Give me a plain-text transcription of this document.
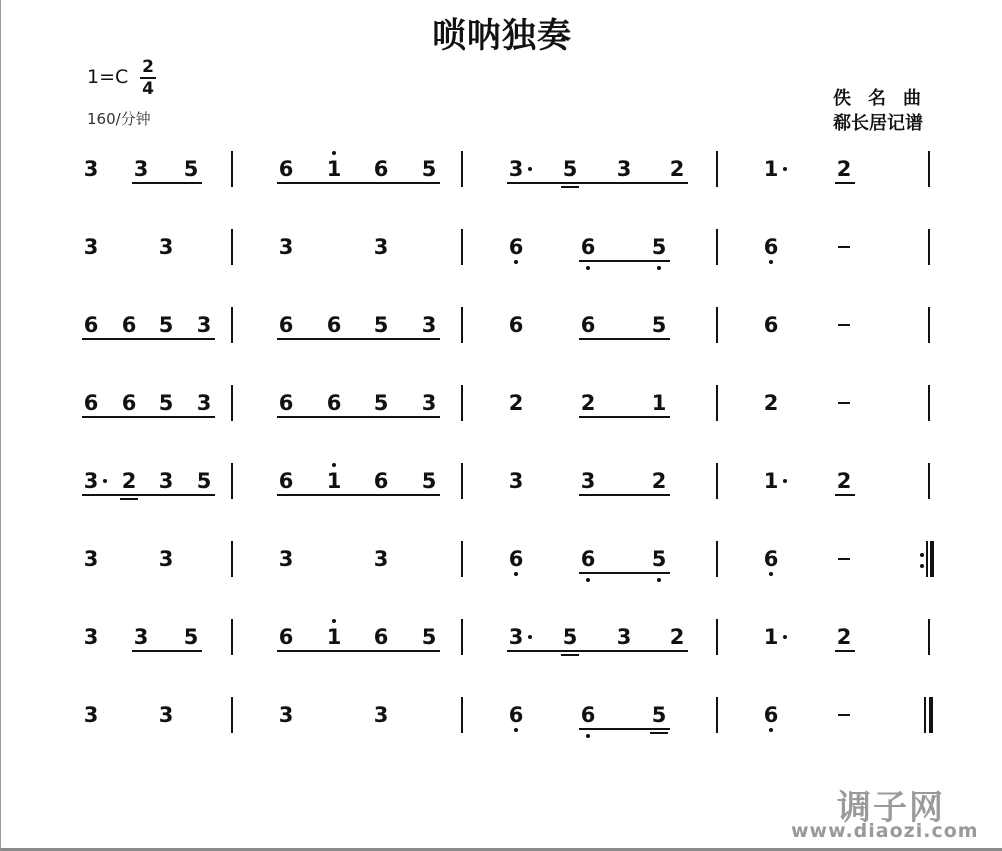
唢呐独奏
1=C 2
4
160/分钟
佚名曲
郗长居记谱
3 3 5	6 1 6 5	3 5 3 2	1	2
3	3	3	3	6	6	5	6
6 6 5 3	6 6 5 3	6	6	5	6
6 6 5 3	6 6 5 3	2	2	1	2
3 2 3 5	6 1 6 5	3	3	2	1	2
3	3	3	3	6	6	5	6
3 3 5	6 1 6 5	3 5 3 2	1	2
3	3	3	3	6	6	5	6
调子网
www.diaozi.com
